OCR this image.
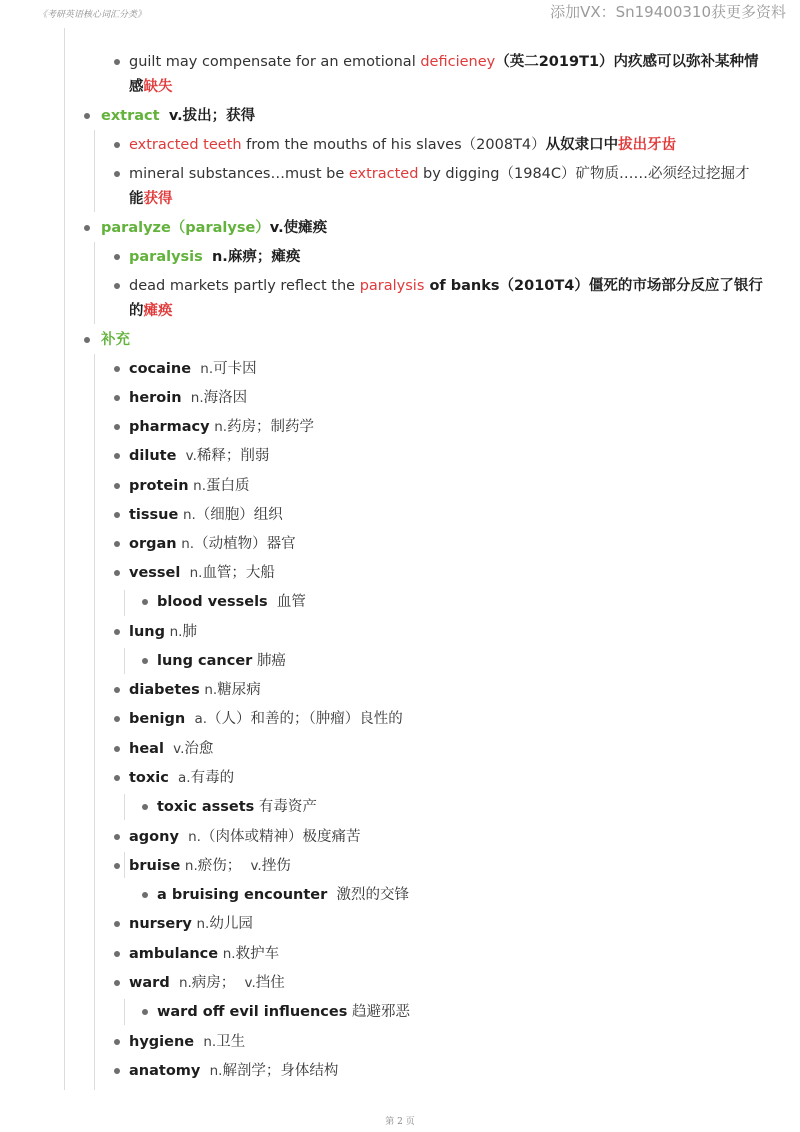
《考研英语核心词汇分类》	添加VX：Sn19400310获更多资料
guilt may compensate for an emotional deficieney（英二2019T1）内疚感可以弥补某种情
感缺失
extract v.拔出；获得
extracted teeth from the mouths of his slaves（2008T4）从奴隶口中拔出牙齿
mineral substances…must be extracted by digging（1984C）矿物质……必须经过挖掘才
能获得
paralyze（paralyse）v.使瘫痪
paralysis n.麻痹；瘫痪
dead markets partly reflect the paralysis of banks（2010T4）僵死的市场部分反应了银行
的瘫痪
补充
cocaine n.可卡因
heroin n.海洛因
pharmacy n.药房；制药学
dilute v.稀释；削弱
protein n.蛋白质
tissue n.（细胞）组织
organ n.（动植物）器官
vessel n.血管；大船
blood vessels 血管
lung n.肺
lung cancer 肺癌
diabetes n.糖尿病
benign a.（人）和善的；（肿瘤）良性的
heal v.治愈
toxic a.有毒的
toxic assets 有毒资产
agony n.（肉体或精神）极度痛苦
bruise n.瘀伤； v.挫伤
a bruising encounter 激烈的交锋
nursery n.幼儿园
ambulance n.救护车
ward n.病房； v.挡住
ward off evil influences 趋避邪恶
hygiene n.卫生
anatomy n.解剖学；身体结构
第 2 页
